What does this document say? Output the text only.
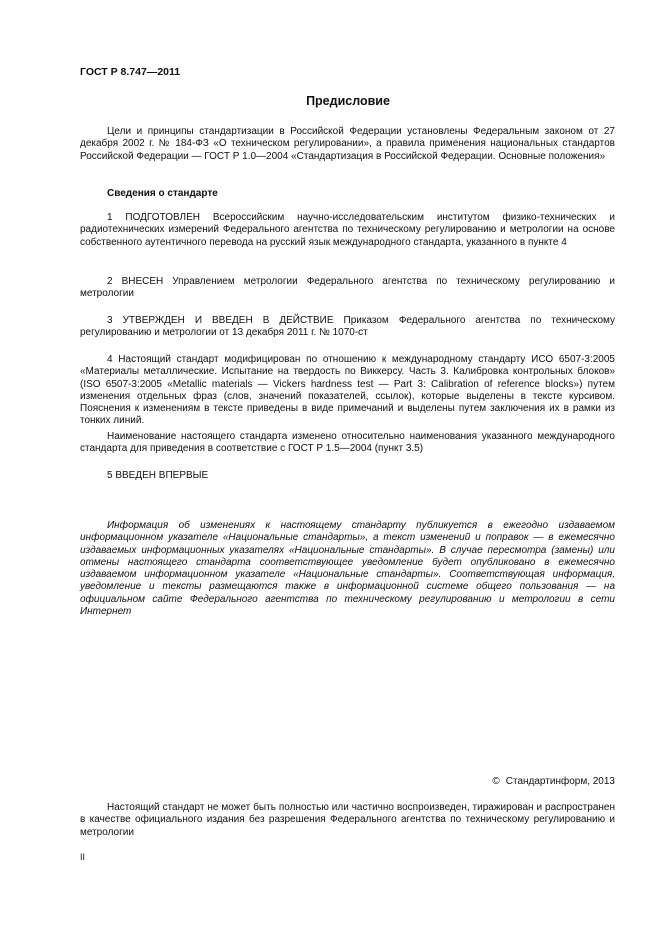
ГОСТ Р 8.747—2011
Предисловие

Цели и принципы стандартизации в Российской Федерации установлены Федеральным законом от 27 декабря 2002 г. № 184-ФЗ «О техническом регулировании», а правила применения национальных стандартов Российской Федерации — ГОСТ Р 1.0—2004 «Стандартизация в Российской Федерации. Основные положения»

Сведения о стандарте

1 ПОДГОТОВЛЕН Всероссийским научно-исследовательским институтом физико-технических и радиотехнических измерений Федерального агентства по техническому регулированию и метрологии на основе собственного аутентичного перевода на русский язык международного стандарта, указанного в пункте 4

2 ВНЕСЕН Управлением метрологии Федерального агентства по техническому регулированию и метрологии

3 УТВЕРЖДЕН И ВВЕДЕН В ДЕЙСТВИЕ Приказом Федерального агентства по техническому регулированию и метрологии от 13 декабря 2011 г. № 1070-ст

4 Настоящий стандарт модифицирован по отношению к международному стандарту ИСО 6507-3:2005 «Материалы металлические. Испытание на твердость по Виккерсу. Часть 3. Калибровка контрольных блоков» (ISO 6507-3:2005 «Metallic materials — Vickers hardness test — Part 3: Calibration of reference blocks») путем изменения отдельных фраз (слов, значений показателей, ссылок), которые выделены в тексте курсивом. Пояснения к изменениям в тексте приведены в виде примечаний и выделены путем заключения их в рамки из тонких линий.

Наименование настоящего стандарта изменено относительно наименования указанного международного стандарта для приведения в соответствие с ГОСТ Р 1.5—2004 (пункт 3.5)

5 ВВЕДЕН ВПЕРВЫЕ

Информация об изменениях к настоящему стандарту публикуется в ежегодно издаваемом информационном указателе «Национальные стандарты», а текст изменений и поправок — в ежемесячно издаваемых информационных указателях «Национальные стандарты». В случае пересмотра (замены) или отмены настоящего стандарта соответствующее уведомление будет опубликовано в ежемесячно издаваемом информационном указателе «Национальные стандарты». Соответствующая информация, уведомление и тексты размещаются также в информационной системе общего пользования — на официальном сайте Федерального агентства по техническому регулированию и метрологии в сети Интернет

© Стандартинформ, 2013

Настоящий стандарт не может быть полностью или частично воспроизведен, тиражирован и распространен в качестве официального издания без разрешения Федерального агентства по техническому регулированию и метрологии

II
